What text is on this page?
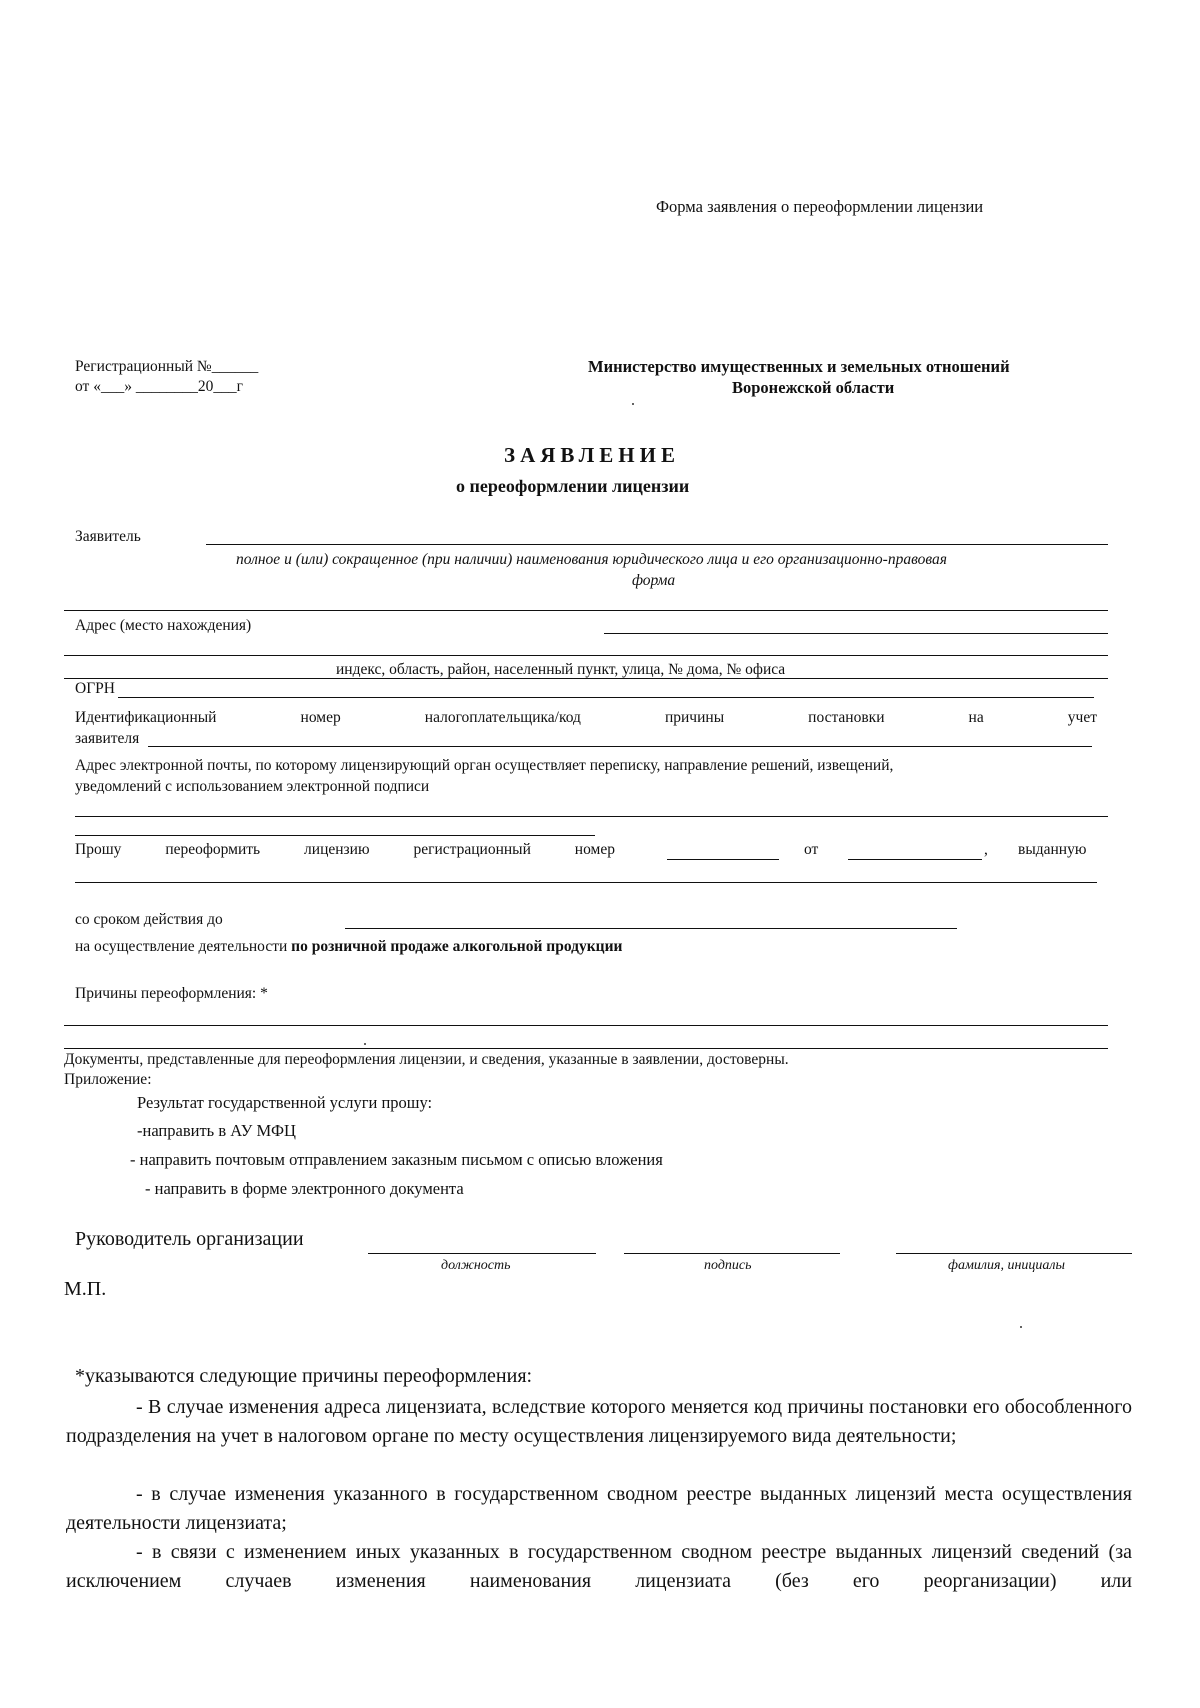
Форма заявления о переоформлении лицензии
Регистрационный №______
от «___» ________20___г
Министерство имущественных и земельных отношений
Воронежской области
ЗАЯВЛЕНИЕ
о переоформлении лицензии
Заявитель
полное и (или) сокращенное (при наличии) наименования юридического лица и его организационно-правовая
форма
Адрес (место нахождения)
индекс, область, район, населенный пункт, улица, № дома, № офиса
ОГРН
Идентификационный	номер	налогоплательщика/код	причины	постановки	на	учет
заявителя
Адрес электронной почты, по которому лицензирующий орган осуществляет переписку, направление решений, извещений,
уведомлений с использованием электронной подписи
Прошу	переоформить	лицензию	регистрационный	номер	от	, выданную
со сроком действия до
на осуществление деятельности по розничной продаже алкогольной продукции
Причины переоформления: *
Документы, представленные для переоформления лицензии, и сведения, указанные в заявлении, достоверны.
Приложение:
Результат государственной услуги прошу:
-направить в АУ МФЦ
- направить почтовым отправлением заказным письмом с описью вложения
- направить в форме электронного документа
Руководитель организации
должность	подпись	фамилия, инициалы
М.П.
*указываются следующие причины переоформления:
- В случае изменения адреса лицензиата, вследствие которого меняется код причины постановки его обособленного подразделения на учет в налоговом органе по месту осуществления лицензируемого вида деятельности;
- в случае изменения указанного в государственном сводном реестре выданных лицензий места осуществления деятельности лицензиата;
- в связи с изменением иных указанных в государственном сводном реестре выданных лицензий сведений (за исключением случаев изменения наименования лицензиата (без его реорганизации) или
